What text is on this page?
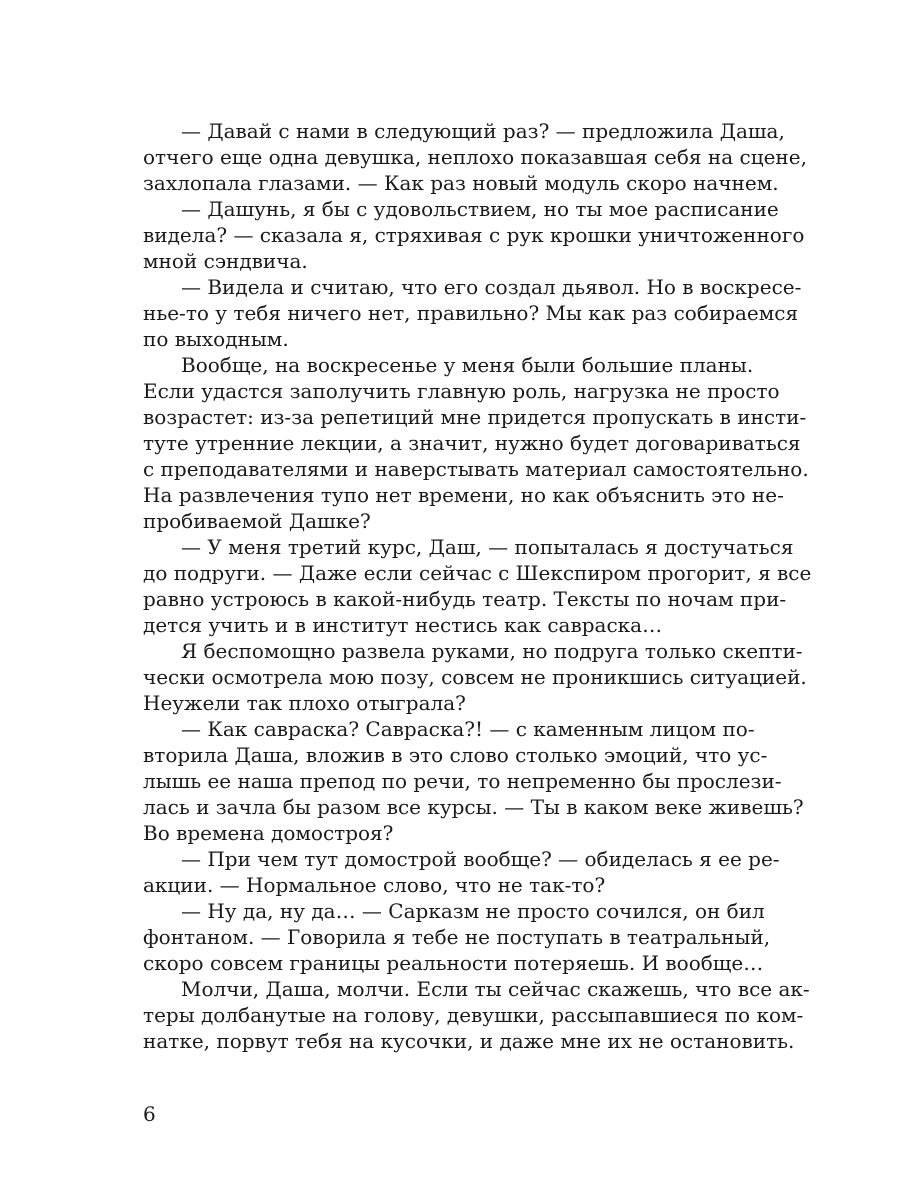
— Давай с нами в следующий раз? — предложила Даша,
отчего еще одна девушка, неплохо показавшая себя на сцене,
захлопала глазами. — Как раз новый модуль скоро начнем.
— Дашунь, я бы с удовольствием, но ты мое расписание
видела? — сказала я, стряхивая с рук крошки уничтоженного
мной сэндвича.
— Видела и считаю, что его создал дьявол. Но в воскресе-
нье-то у тебя ничего нет, правильно? Мы как раз собираемся
по выходным.
Вообще, на воскресенье у меня были большие планы.
Если удастся заполучить главную роль, нагрузка не просто
возрастет: из-за репетиций мне придется пропускать в инсти-
туте утренние лекции, а значит, нужно будет договариваться
с преподавателями и наверстывать материал самостоятельно.
На развлечения тупо нет времени, но как объяснить это не-
пробиваемой Дашке?
— У меня третий курс, Даш, — попыталась я достучаться
до подруги. — Даже если сейчас с Шекспиром прогорит, я все
равно устроюсь в какой-нибудь театр. Тексты по ночам при-
дется учить и в институт нестись как савраска…
Я беспомощно развела руками, но подруга только скепти-
чески осмотрела мою позу, совсем не проникшись ситуацией.
Неужели так плохо отыграла?
— Как савраска? Савраска?! — с каменным лицом по-
вторила Даша, вложив в это слово столько эмоций, что ус-
лышь ее наша препод по речи, то непременно бы прослези-
лась и зачла бы разом все курсы. — Ты в каком веке живешь?
Во времена домостроя?
— При чем тут домострой вообще? — обиделась я ее ре-
акции. — Нормальное слово, что не так-то?
— Ну да, ну да… — Сарказм не просто сочился, он бил
фонтаном. — Говорила я тебе не поступать в театральный,
скоро совсем границы реальности потеряешь. И вообще…
Молчи, Даша, молчи. Если ты сейчас скажешь, что все ак-
теры долбанутые на голову, девушки, рассыпавшиеся по ком-
натке, порвут тебя на кусочки, и даже мне их не остановить.
6
